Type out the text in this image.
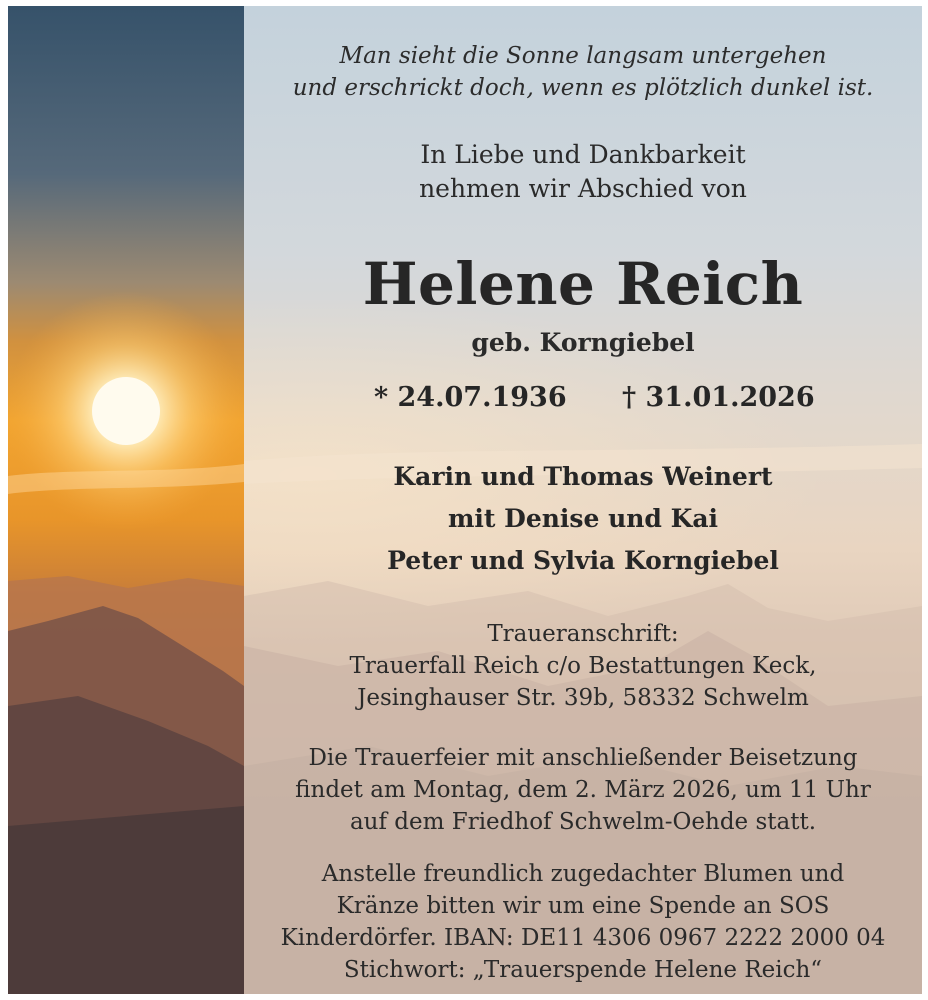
Man sieht die Sonne langsam untergehen

und erschrickt doch, wenn es plötzlich dunkel ist.

In Liebe und Dankbarkeit

nehmen wir Abschied von

Helene Reich

geb. Korngiebel

* 24.07.1936 † 31.01.2026

Karin und Thomas Weinert

mit Denise und Kai

Peter und Sylvia Korngiebel

Traueranschrift:

Trauerfall Reich c/o Bestattungen Keck,

Jesinghauser Str. 39b, 58332 Schwelm

Die Trauerfeier mit anschließender Beisetzung

findet am Montag, dem 2. März 2026, um 11 Uhr

auf dem Friedhof Schwelm-Oehde statt.

Anstelle freundlich zugedachter Blumen und

Kränze bitten wir um eine Spende an SOS

Kinderdörfer. IBAN: DE11 4306 0967 2222 2000 04

Stichwort: „Trauerspende Helene Reich“
